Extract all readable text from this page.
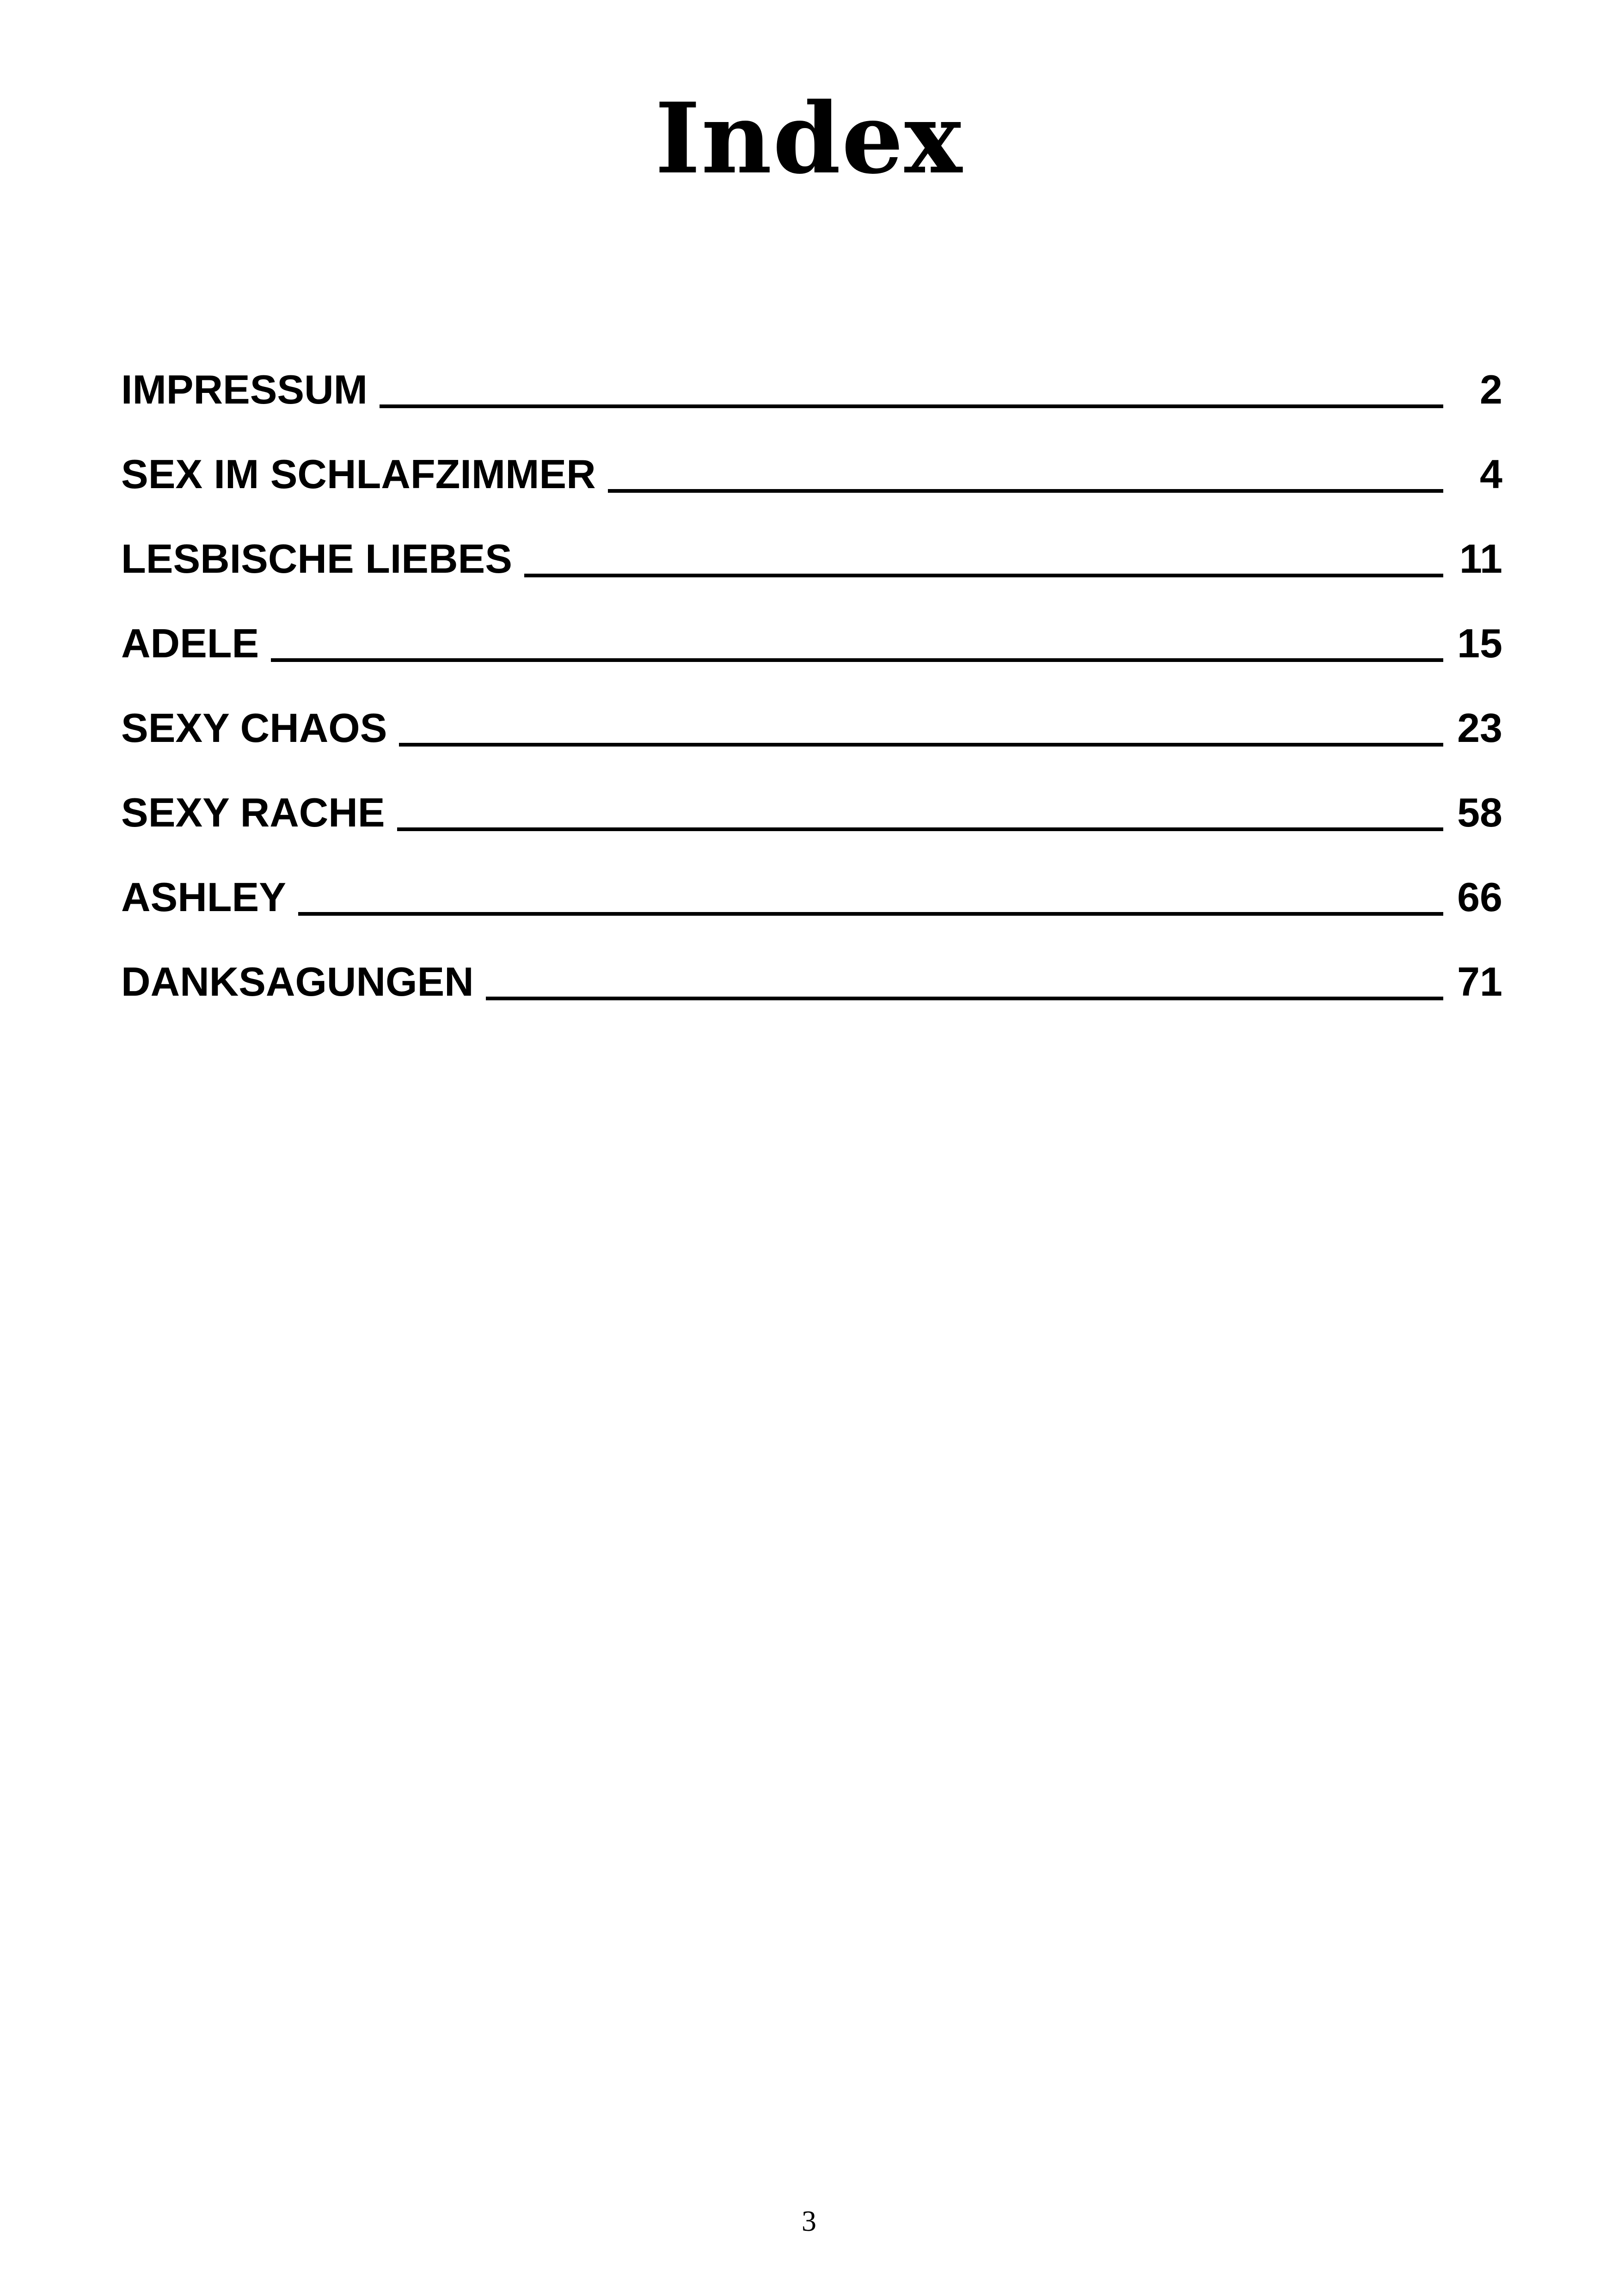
Index
IMPRESSUM	2
SEX IM SCHLAFZIMMER	4
LESBISCHE LIEBES	11
ADELE	15
SEXY CHAOS	23
SEXY RACHE	58
ASHLEY	66
DANKSAGUNGEN	71
3
